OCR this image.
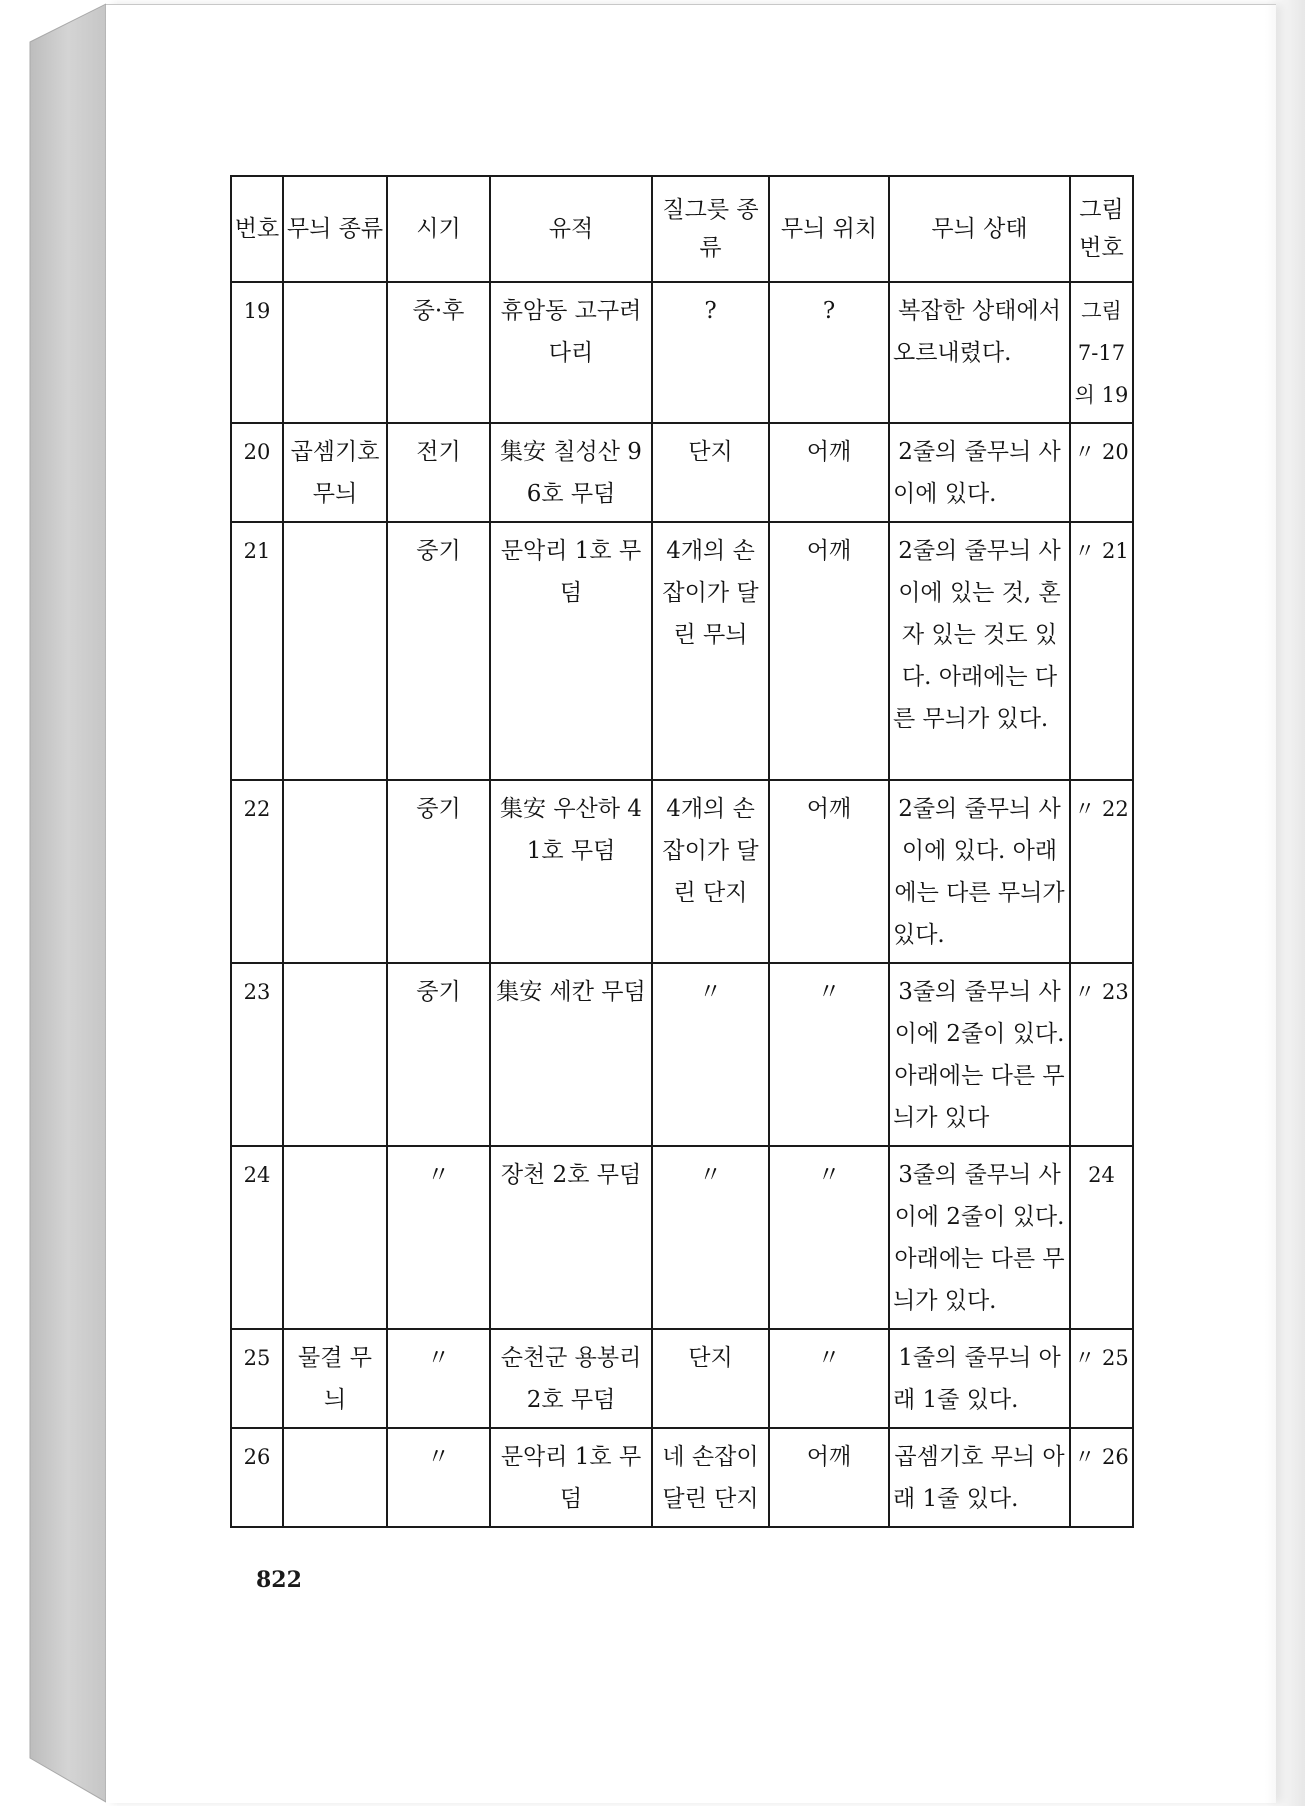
번호	무늬 종류	시기	유적	질그릇 종류	무늬 위치	무늬 상태	그림 번호
19		중·후	휴암동 고구려 다리	?	?	복잡한 상태에서 오르내렸다.	그림 7-17의 19
20	곱셈기호 무늬	전기	集安 칠성산 96호 무덤	단지	어깨	2줄의 줄무늬 사이에 있다.	〃 20
21		중기	문악리 1호 무덤	4개의 손잡이가 달린 무늬	어깨	2줄의 줄무늬 사이에 있는 것, 혼자 있는 것도 있다. 아래에는 다른 무늬가 있다.	〃 21
22		중기	集安 우산하 41호 무덤	4개의 손잡이가 달린 단지	어깨	2줄의 줄무늬 사이에 있다. 아래에는 다른 무늬가 있다.	〃 22
23		중기	集安 세칸 무덤	〃	〃	3줄의 줄무늬 사이에 2줄이 있다. 아래에는 다른 무늬가 있다	〃 23
24		〃	장천 2호 무덤	〃	〃	3줄의 줄무늬 사이에 2줄이 있다. 아래에는 다른 무늬가 있다.	24
25	물결 무늬	〃	순천군 용봉리 2호 무덤	단지	〃	1줄의 줄무늬 아래 1줄 있다.	〃 25
26		〃	문악리 1호 무덤	네 손잡이 달린 단지	어깨	곱셈기호 무늬 아래 1줄 있다.	〃 26
822
